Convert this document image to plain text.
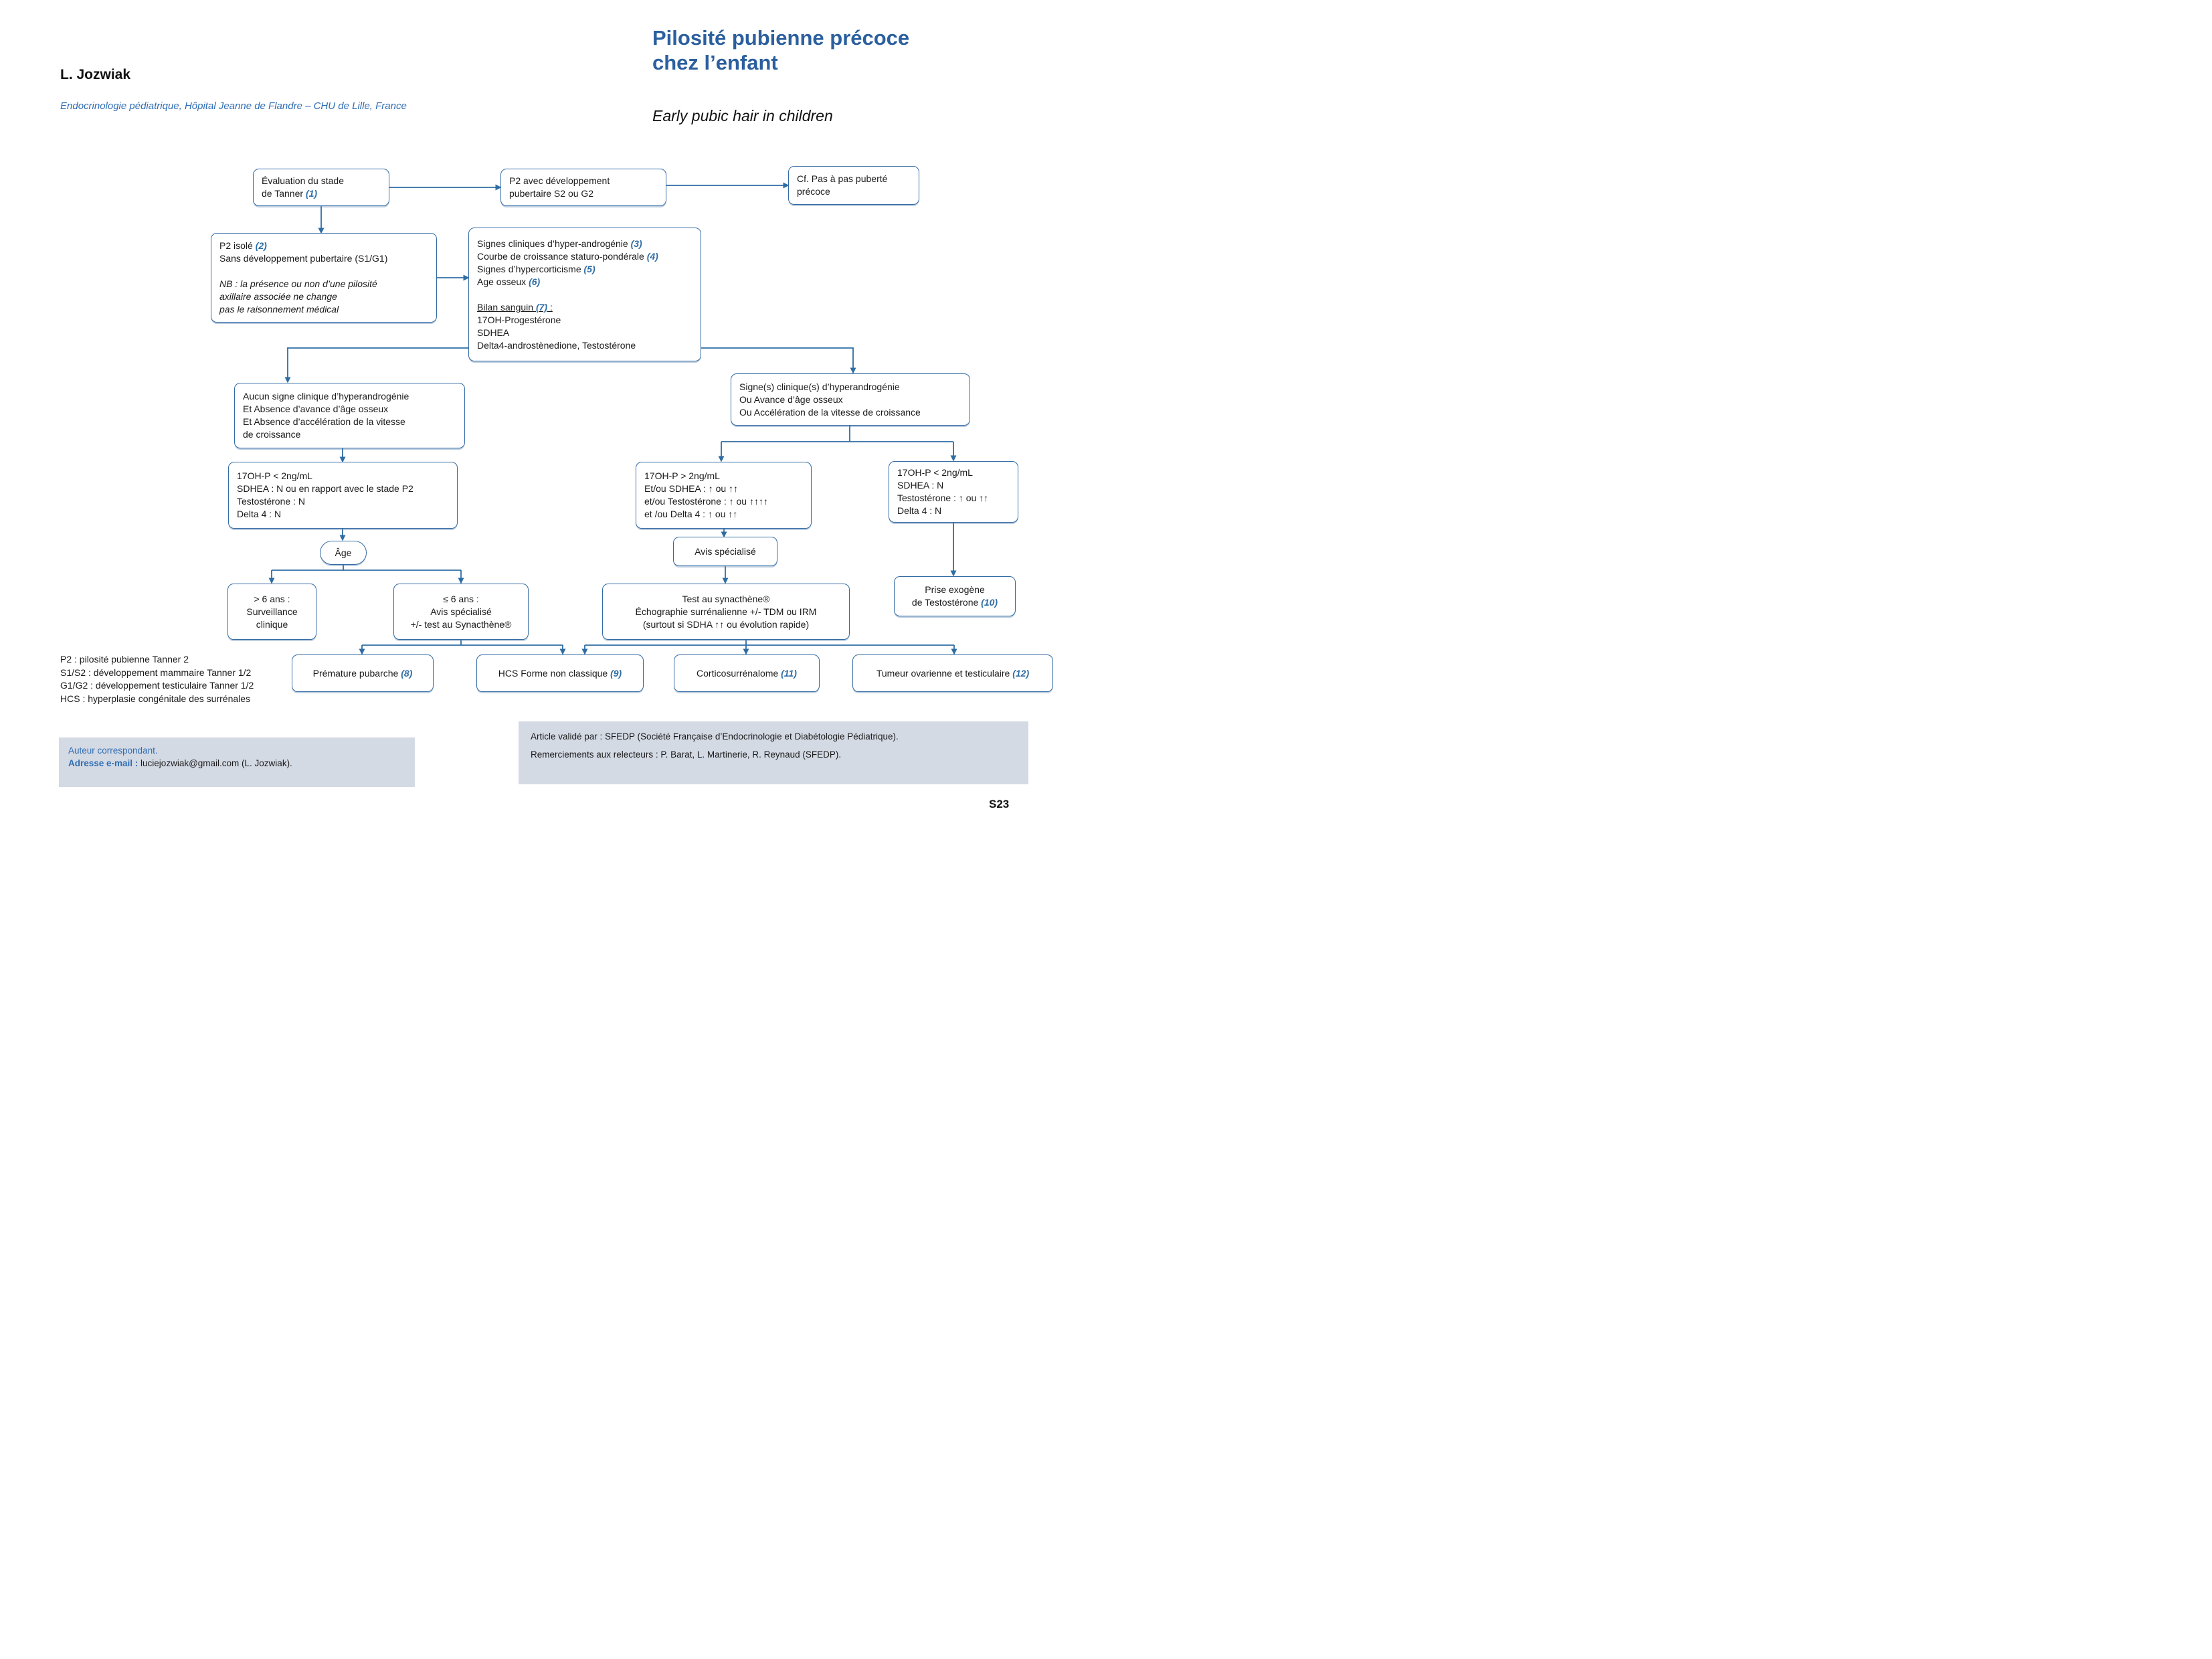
L. Jozwiak
Endocrinologie pédiatrique, Hôpital Jeanne de Flandre – CHU de Lille, France
Pilosité pubienne précoce
chez l’enfant
Early pubic hair in children
Évaluation du stade
de Tanner (1)
P2 avec développement
pubertaire S2 ou G2
Cf. Pas à pas puberté
précoce
P2 isolé (2)
Sans développement pubertaire (S1/G1)

NB : la présence ou non d’une pilosité
axillaire associée ne change
pas le raisonnement médical
Signes cliniques d’hyper-androgénie (3)
Courbe de croissance staturo-pondérale (4)
Signes d’hypercorticisme (5)
Age osseux (6)

Bilan sanguin (7) :
17OH-Progestérone
SDHEA
Delta4-androstènedione, Testostérone
Aucun signe clinique d’hyperandrogénie
Et Absence d’avance d’âge osseux
Et Absence d’accélération de la vitesse
de croissance
Signe(s) clinique(s) d’hyperandrogénie
Ou Avance d’âge osseux
Ou Accélération de la vitesse de croissance
17OH-P < 2ng/mL
SDHEA : N ou en rapport avec le stade P2
Testostérone : N
Delta 4 : N
17OH-P > 2ng/mL
Et/ou SDHEA : ↑ ou ↑↑
et/ou Testostérone : ↑ ou ↑↑↑↑
et /ou Delta 4 : ↑ ou ↑↑
17OH-P < 2ng/mL
SDHEA : N
Testostérone : ↑ ou ↑↑
Delta 4 : N
Âge	Avis spécialisé
> 6 ans :
Surveillance
clinique
≤ 6 ans :
Avis spécialisé
+/- test au Synacthène®
Test au synacthène®
Échographie surrénalienne +/- TDM ou IRM
(surtout si SDHA ↑↑ ou évolution rapide)
Prise exogène
de Testostérone (10)
Prémature pubarche (8)	HCS Forme non classique (9)	Corticosurrénalome (11)	Tumeur ovarienne et testiculaire (12)
P2 : pilosité pubienne Tanner 2
S1/S2 : développement mammaire Tanner 1/2
G1/G2 : développement testiculaire Tanner 1/2
HCS : hyperplasie congénitale des surrénales
Auteur correspondant.
Adresse e-mail : luciejozwiak@gmail.com (L. Jozwiak).
Article validé par : SFEDP (Société Française d’Endocrinologie et Diabétologie Pédiatrique).
Remerciements aux relecteurs : P. Barat, L. Martinerie, R. Reynaud (SFEDP).
S23
